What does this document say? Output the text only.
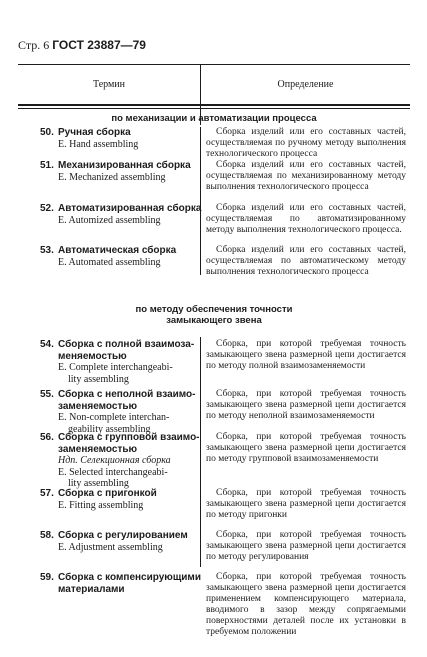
Стр. 6 ГОСТ 23887—79
Термин	Определение
по механизации и автоматизации процесса
50. Ручная сборка
E. Hand assembling
Сборка изделий или его составных частей, осуществляемая по ручному методу выполнения технологического процесса
51. Механизированная сборка
E. Mechanized assembling
Сборка изделий или его составных частей, осуществляемая по механизированному методу выполнения технологического процесса
52. Автоматизированная сборка
E. Automized assembling
Сборка изделий или его составных частей, осуществляемая по автоматизированному методу выполнения технологического процесса.
53. Автоматическая сборка
E. Automated assembling
Сборка изделий или его составных частей, осуществляемая по автоматическому методу выполнения технологического процесса
по методу обеспечения точности
замыкающего звена
54. Сборка с полной взаимоза-
меняемостью
E. Complete interchangeabi-
lity assembling
Сборка, при которой требуемая точность замыкающего звена размерной цепи достигается по методу полной взаимозаменяемости
55. Сборка с неполной взаимо-
заменяемостью
E. Non-complete interchan-
geability assembling
Сборка, при которой требуемая точность замыкающего звена размерной цепи достигается по методу неполной взаимозаменяемости
56. Сборка с групповой взаимо-
заменяемостью
Ндп. Селекционная сборка
E. Selected interchangeabi-
lity assembling
Сборка, при которой требуемая точность замыкающего звена размерной цепи достигается по методу групповой взаимозаменяемости
57. Сборка с пригонкой
E. Fitting assembling
Сборка, при которой требуемая точность замыкающего звена размерной цепи достигается по методу пригонки
58. Сборка с регулированием
E. Adjustment assembling
Сборка, при которой требуемая точность замыкающего звена размерной цепи достигается по методу регулирования
59. Сборка с компенсирующими
материалами
Сборка, при которой требуемая точность замыкающего звена размерной цепи достигается применением компенсирующего материала, вводимого в зазор между сопрягаемыми поверхностями деталей после их установки в требуемом положении
